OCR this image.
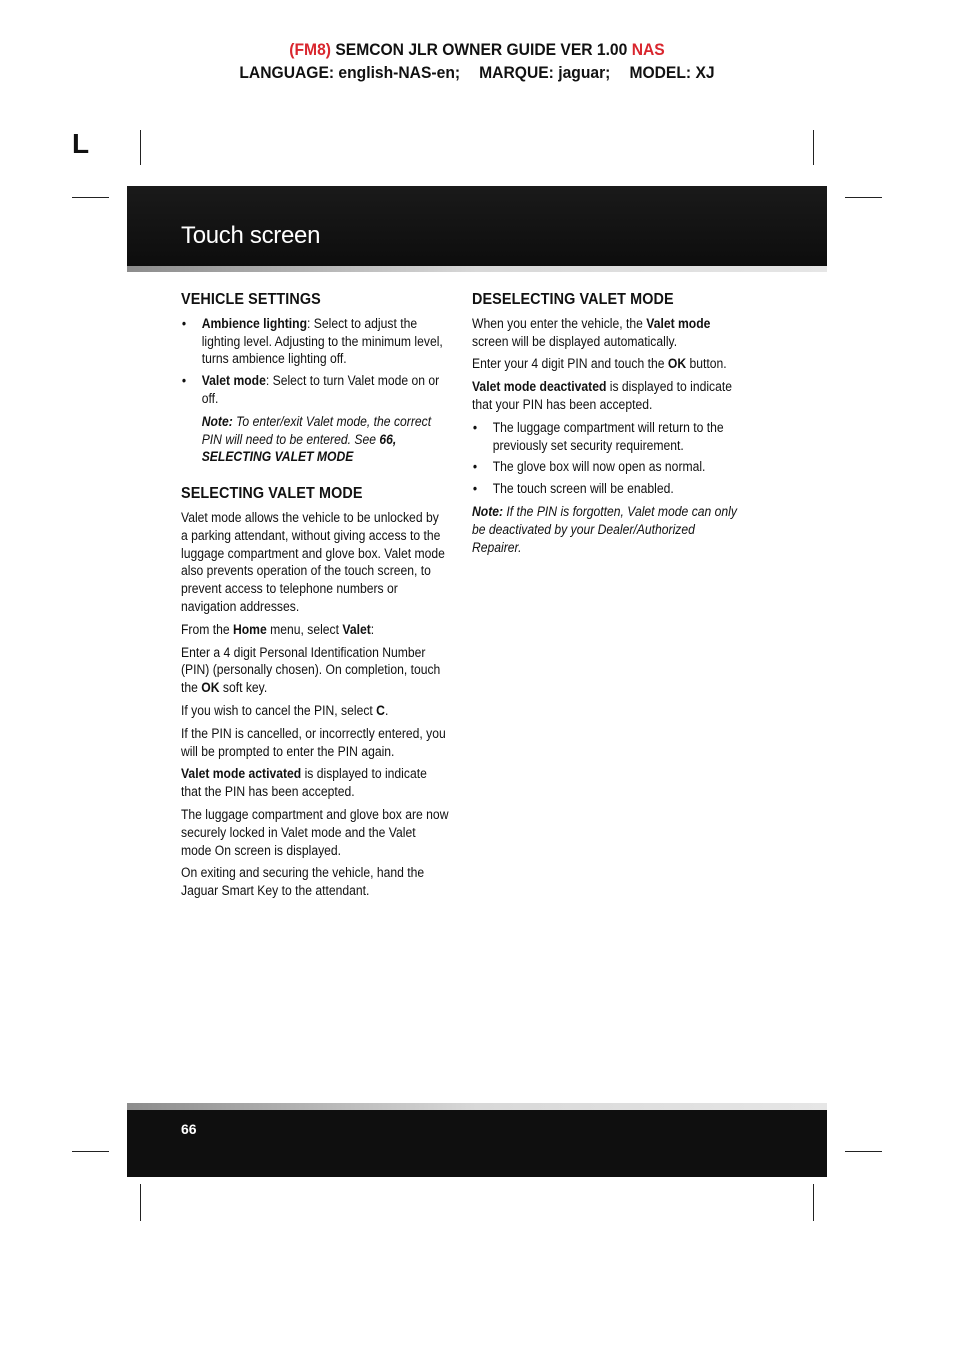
(FM8) SEMCON JLR OWNER GUIDE VER 1.00 NAS
LANGUAGE: english-NAS-en; MARQUE: jaguar; MODEL: XJ
L
Touch screen
VEHICLE SETTINGS
• Ambience lighting: Select to adjust the lighting level. Adjusting to the minimum level, turns ambience lighting off.
• Valet mode: Select to turn Valet mode on or off.

Note: To enter/exit Valet mode, the correct PIN will need to be entered. See 66, SELECTING VALET MODE

SELECTING VALET MODE

Valet mode allows the vehicle to be unlocked by a parking attendant, without giving access to the luggage compartment and glove box. Valet mode also prevents operation of the touch screen, to prevent access to telephone numbers or navigation addresses.

From the Home menu, select Valet:

Enter a 4 digit Personal Identification Number (PIN) (personally chosen). On completion, touch the OK soft key.

If you wish to cancel the PIN, select C.

If the PIN is cancelled, or incorrectly entered, you will be prompted to enter the PIN again.

Valet mode activated is displayed to indicate that the PIN has been accepted.

The luggage compartment and glove box are now securely locked in Valet mode and the Valet mode On screen is displayed.

On exiting and securing the vehicle, hand the Jaguar Smart Key to the attendant.

DESELECTING VALET MODE

When you enter the vehicle, the Valet mode screen will be displayed automatically.

Enter your 4 digit PIN and touch the OK button.

Valet mode deactivated is displayed to indicate that your PIN has been accepted.

• The luggage compartment will return to the previously set security requirement.
• The glove box will now open as normal.
• The touch screen will be enabled.

Note: If the PIN is forgotten, Valet mode can only be deactivated by your Dealer/Authorized Repairer.

66
